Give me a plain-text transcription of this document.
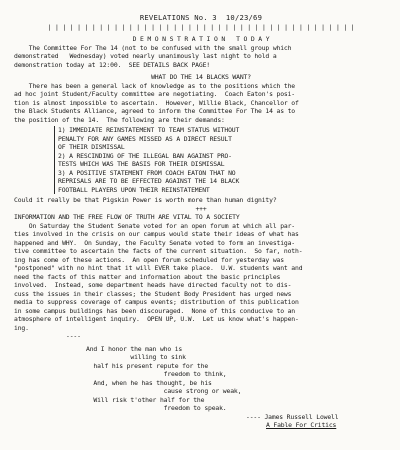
REVELATIONS No. 3  10/23/69
| | | | | | | | | | | | | | | | | | | | | | | | | | | | | | | | | | | | | | | | | |
D E M O N S T R A T I O N   T O D A Y
The Committee For The 14 (not to be confused with the small group which
demonstrated   Wednesday) voted nearly unanimously last night to hold a
demonstration today at 12:00.  SEE DETAILS BACK PAGE!
WHAT DO THE 14 BLACKS WANT?
There has been a general lack of knowledge as to the positions which the
ad hoc joint Student/Faculty committee are negotiating.  Coach Eaton's posi-
tion is almost impossible to ascertain.  However, Willie Black, Chancellor of
the Black Students Alliance, agreed to inform the Committee For The 14 as to
the position of the 14.  The following are their demands:
1) IMMEDIATE REINSTATEMENT TO TEAM STATUS WITHOUT
PENALTY FOR ANY GAMES MISSED AS A DIRECT RESULT
OF THEIR DISMISSAL
2) A RESCINDING OF THE ILLEGAL BAN AGAINST PRO-
TESTS WHICH WAS THE BASIS FOR THEIR DISMISSAL
3) A POSITIVE STATEMENT FROM COACH EATON THAT NO
REPRISALS ARE TO BE EFFECTED AGAINST THE 14 BLACK
FOOTBALL PLAYERS UPON THEIR REINSTATEMENT
Could it really be that Pigskin Power is worth more than human dignity?
+++
INFORMATION AND THE FREE FLOW OF TRUTH ARE VITAL TO A SOCIETY
On Saturday the Student Senate voted for an open forum at which all par-
ties involved in the crisis on our campus would state their ideas of what has
happened and WHY.  On Sunday, the Faculty Senate voted to form an investiga-
tive committee to ascertain the facts of the current situation.  So far, noth-
ing has come of these actions.  An open forum scheduled for yesterday was
"postponed" with no hint that it will EVER take place.  U.W. students want and
need the facts of this matter and information about the basic principles
involved.  Instead, some department heads have directed faculty not to dis-
cuss the issues in their classes; the Student Body President has urged news
media to suppress coverage of campus events; distribution of this publication
in some campus buildings has been discouraged.  None of this conducive to an
atmosphere of intelligent inquiry.  OPEN UP, U.W.  Let us know what's happen-
ing.
----
And I honor the man who is
willing to sink
half his present repute for the
freedom to think,
And, when he has thought, be his
cause strong or weak,
Will risk t'other half for the
freedom to speak.
---- James Russell Lowell
A Fable For Critics
